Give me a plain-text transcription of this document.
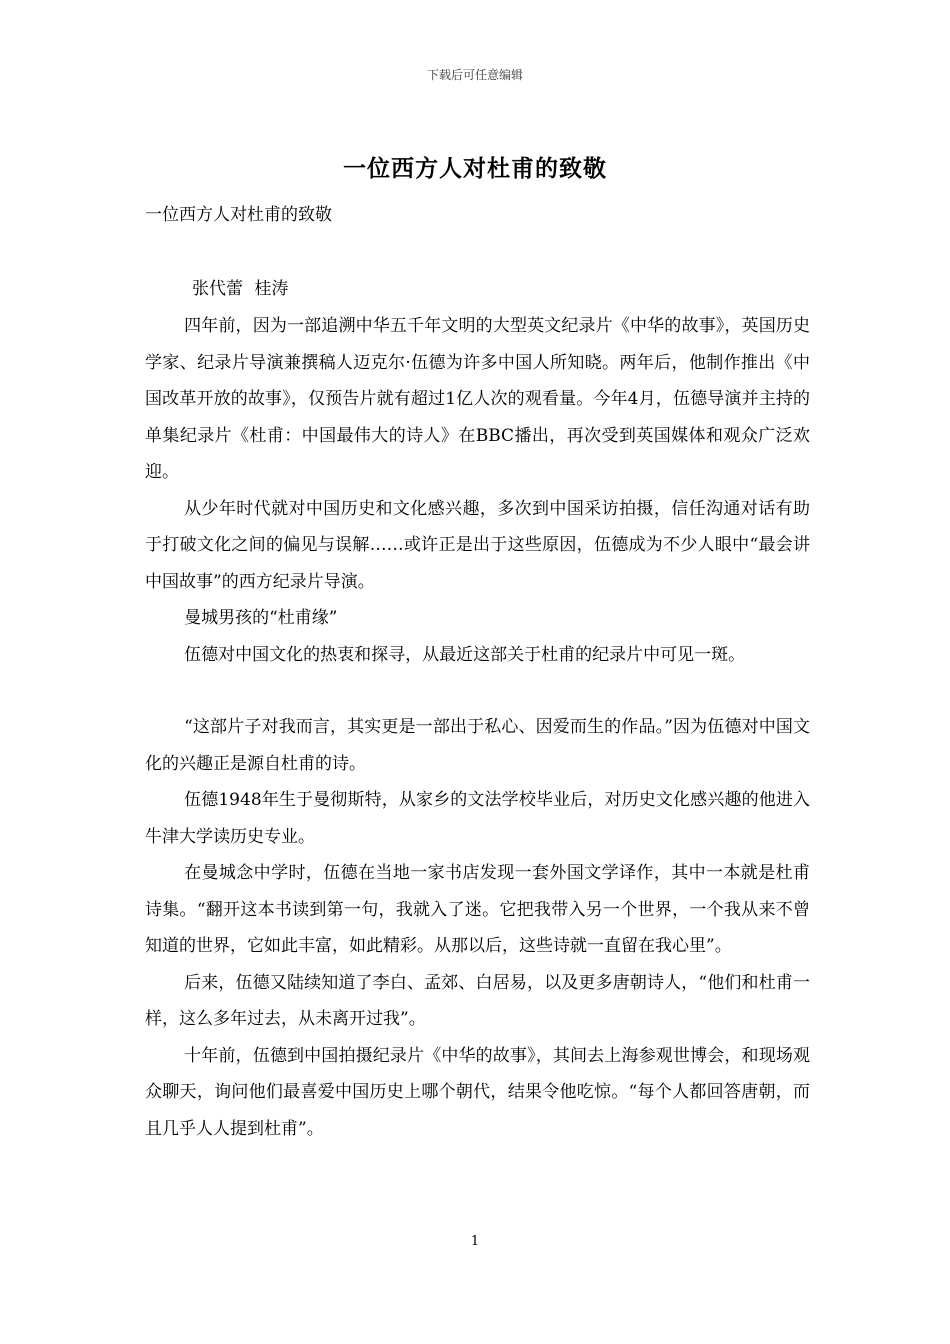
下载后可任意编辑
一位西方人对杜甫的致敬
一位西方人对杜甫的致敬
张代蕾 桂涛

四年前，因为一部追溯中华五千年文明的大型英文纪录片《中华的故事》，英国历史学家、纪录片导演兼撰稿人迈克尔·伍德为许多中国人所知晓。两年后，他制作推出《中国改革开放的故事》，仅预告片就有超过1亿人次的观看量。今年4月，伍德导演并主持的单集纪录片《杜甫：中国最伟大的诗人》在BBC播出，再次受到英国媒体和观众广泛欢迎。

从少年时代就对中国历史和文化感兴趣，多次到中国采访拍摄，信任沟通对话有助于打破文化之间的偏见与误解……或许正是出于这些原因，伍德成为不少人眼中“最会讲中国故事”的西方纪录片导演。

曼城男孩的“杜甫缘”

伍德对中国文化的热衷和探寻，从最近这部关于杜甫的纪录片中可见一斑。

“这部片子对我而言，其实更是一部出于私心、因爱而生的作品。”因为伍德对中国文化的兴趣正是源自杜甫的诗。

伍德1948年生于曼彻斯特，从家乡的文法学校毕业后，对历史文化感兴趣的他进入牛津大学读历史专业。

在曼城念中学时，伍德在当地一家书店发现一套外国文学译作，其中一本就是杜甫诗集。“翻开这本书读到第一句，我就入了迷。它把我带入另一个世界，一个我从来不曾知道的世界，它如此丰富，如此精彩。从那以后，这些诗就一直留在我心里”。

后来，伍德又陆续知道了李白、孟郊、白居易，以及更多唐朝诗人，“他们和杜甫一样，这么多年过去，从未离开过我”。

十年前，伍德到中国拍摄纪录片《中华的故事》，其间去上海参观世博会，和现场观众聊天，询问他们最喜爱中国历史上哪个朝代，结果令他吃惊。“每个人都回答唐朝，而且几乎人人提到杜甫”。

1
